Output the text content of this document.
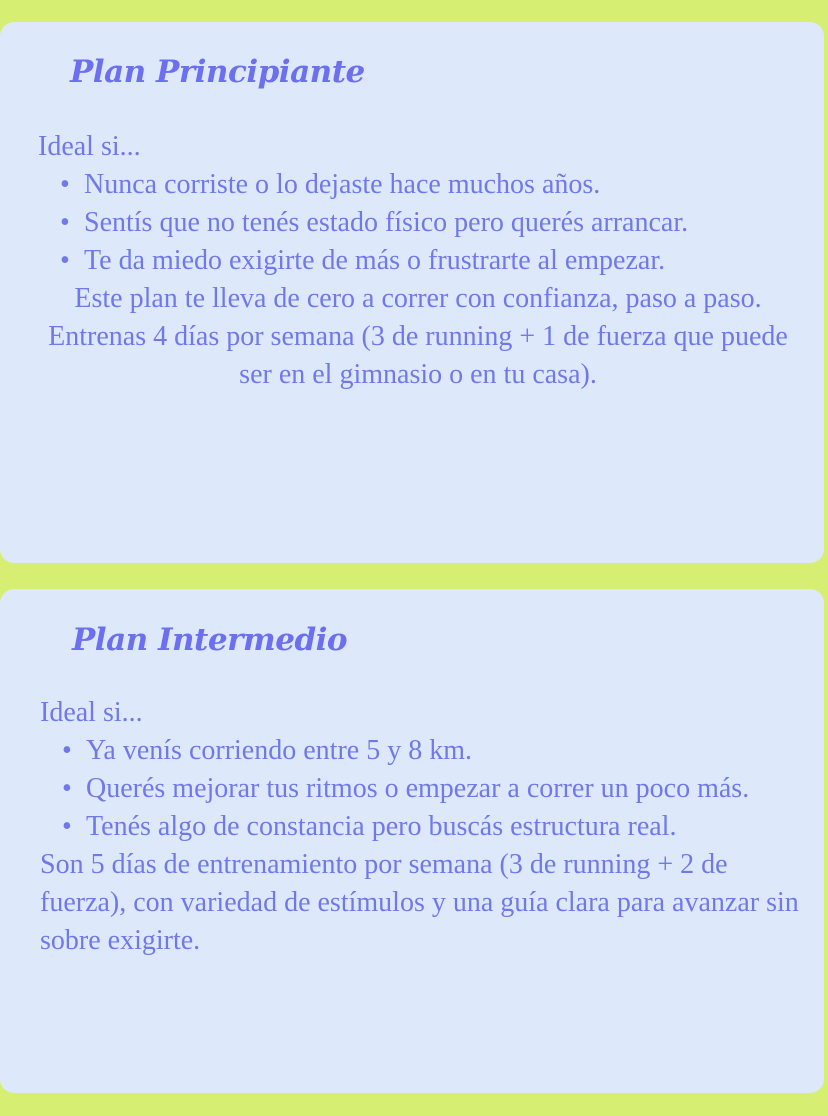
Plan Principiante

Ideal si...

• Nunca corriste o lo dejaste hace muchos años.
• Sentís que no tenés estado físico pero querés arrancar.
• Te da miedo exigirte de más o frustrarte al empezar.

Este plan te lleva de cero a correr con confianza, paso a paso. Entrenas 4 días por semana (3 de running + 1 de fuerza que puede ser en el gimnasio o en tu casa).

Plan Intermedio

Ideal si...

• Ya venís corriendo entre 5 y 8 km.
• Querés mejorar tus ritmos o empezar a correr un poco más.
• Tenés algo de constancia pero buscás estructura real.

Son 5 días de entrenamiento por semana (3 de running + 2 de fuerza), con variedad de estímulos y una guía clara para avanzar sin sobre exigirte.
